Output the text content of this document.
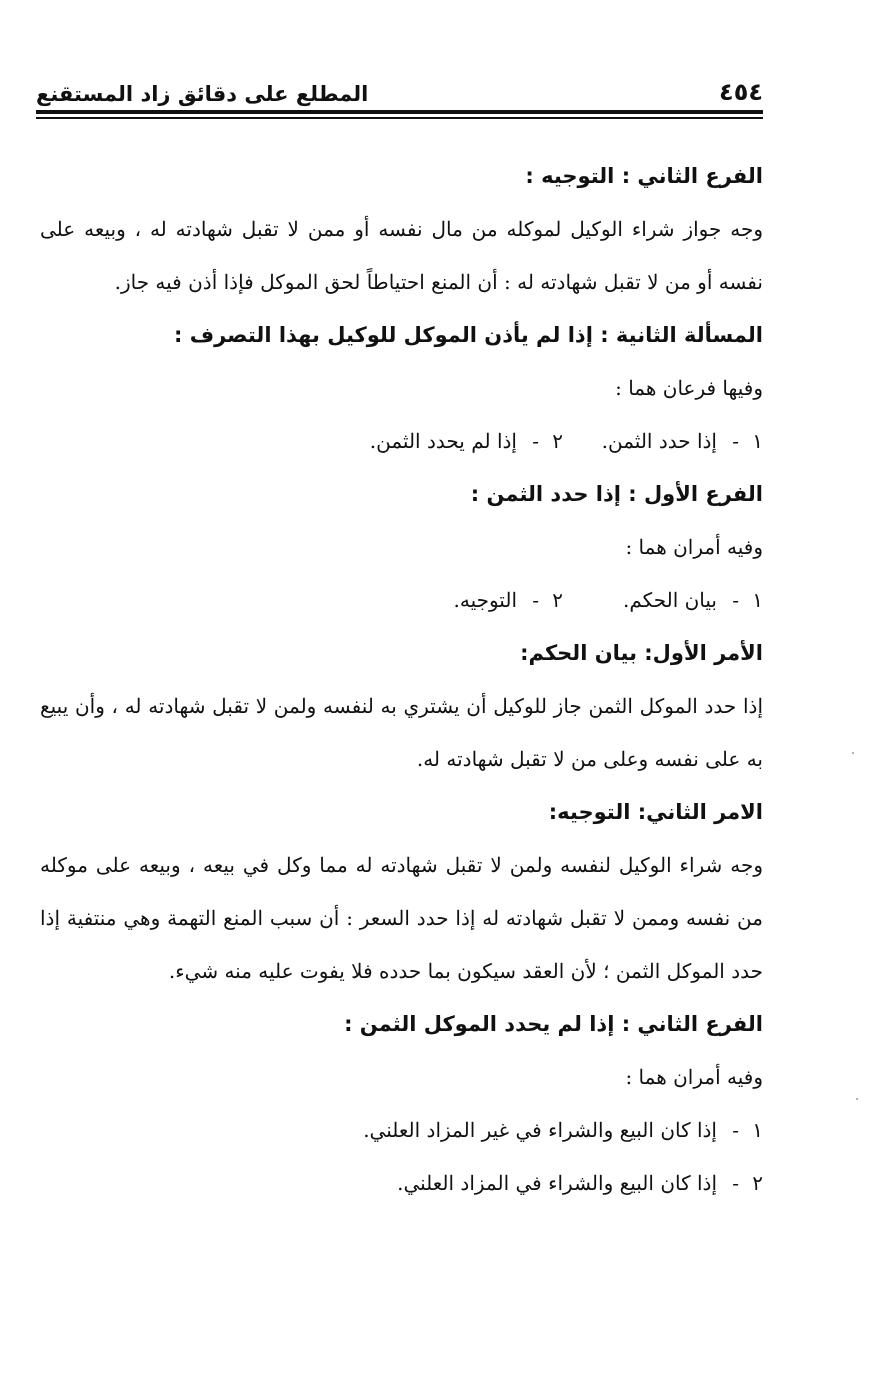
٤٥٤
المطلع على دقائق زاد المستقنع

الفرع الثاني : التوجيه :

وجه جواز شراء الوكيل لموكله من مال نفسه أو ممن لا تقبل شهادته له ، وبيعه على نفسه أو من لا تقبل شهادته له : أن المنع احتياطاً لحق الموكل فإذا أذن فيه جاز.

المسألة الثانية : إذا لم يأذن الموكل للوكيل بهذا التصرف :

وفيها فرعان هما :

١-إذا حدد الثمن.
٢-إذا لم يحدد الثمن.

الفرع الأول : إذا حدد الثمن :

وفيه أمران هما :

١-بيان الحكم.
٢-التوجيه.

الأمر الأول: بيان الحكم:

إذا حدد الموكل الثمن جاز للوكيل أن يشتري به لنفسه ولمن لا تقبل شهادته له ، وأن يبيع به على نفسه وعلى من لا تقبل شهادته له.

الامر الثاني: التوجيه:

وجه شراء الوكيل لنفسه ولمن لا تقبل شهادته له مما وكل في بيعه ، وبيعه على موكله من نفسه وممن لا تقبل شهادته له إذا حدد السعر : أن سبب المنع التهمة وهي منتفية إذا حدد الموكل الثمن ؛ لأن العقد سيكون بما حدده فلا يفوت عليه منه شيء.

الفرع الثاني : إذا لم يحدد الموكل الثمن :

وفيه أمران هما :

١-إذا كان البيع والشراء في غير المزاد العلني.

٢-إذا كان البيع والشراء في المزاد العلني.
